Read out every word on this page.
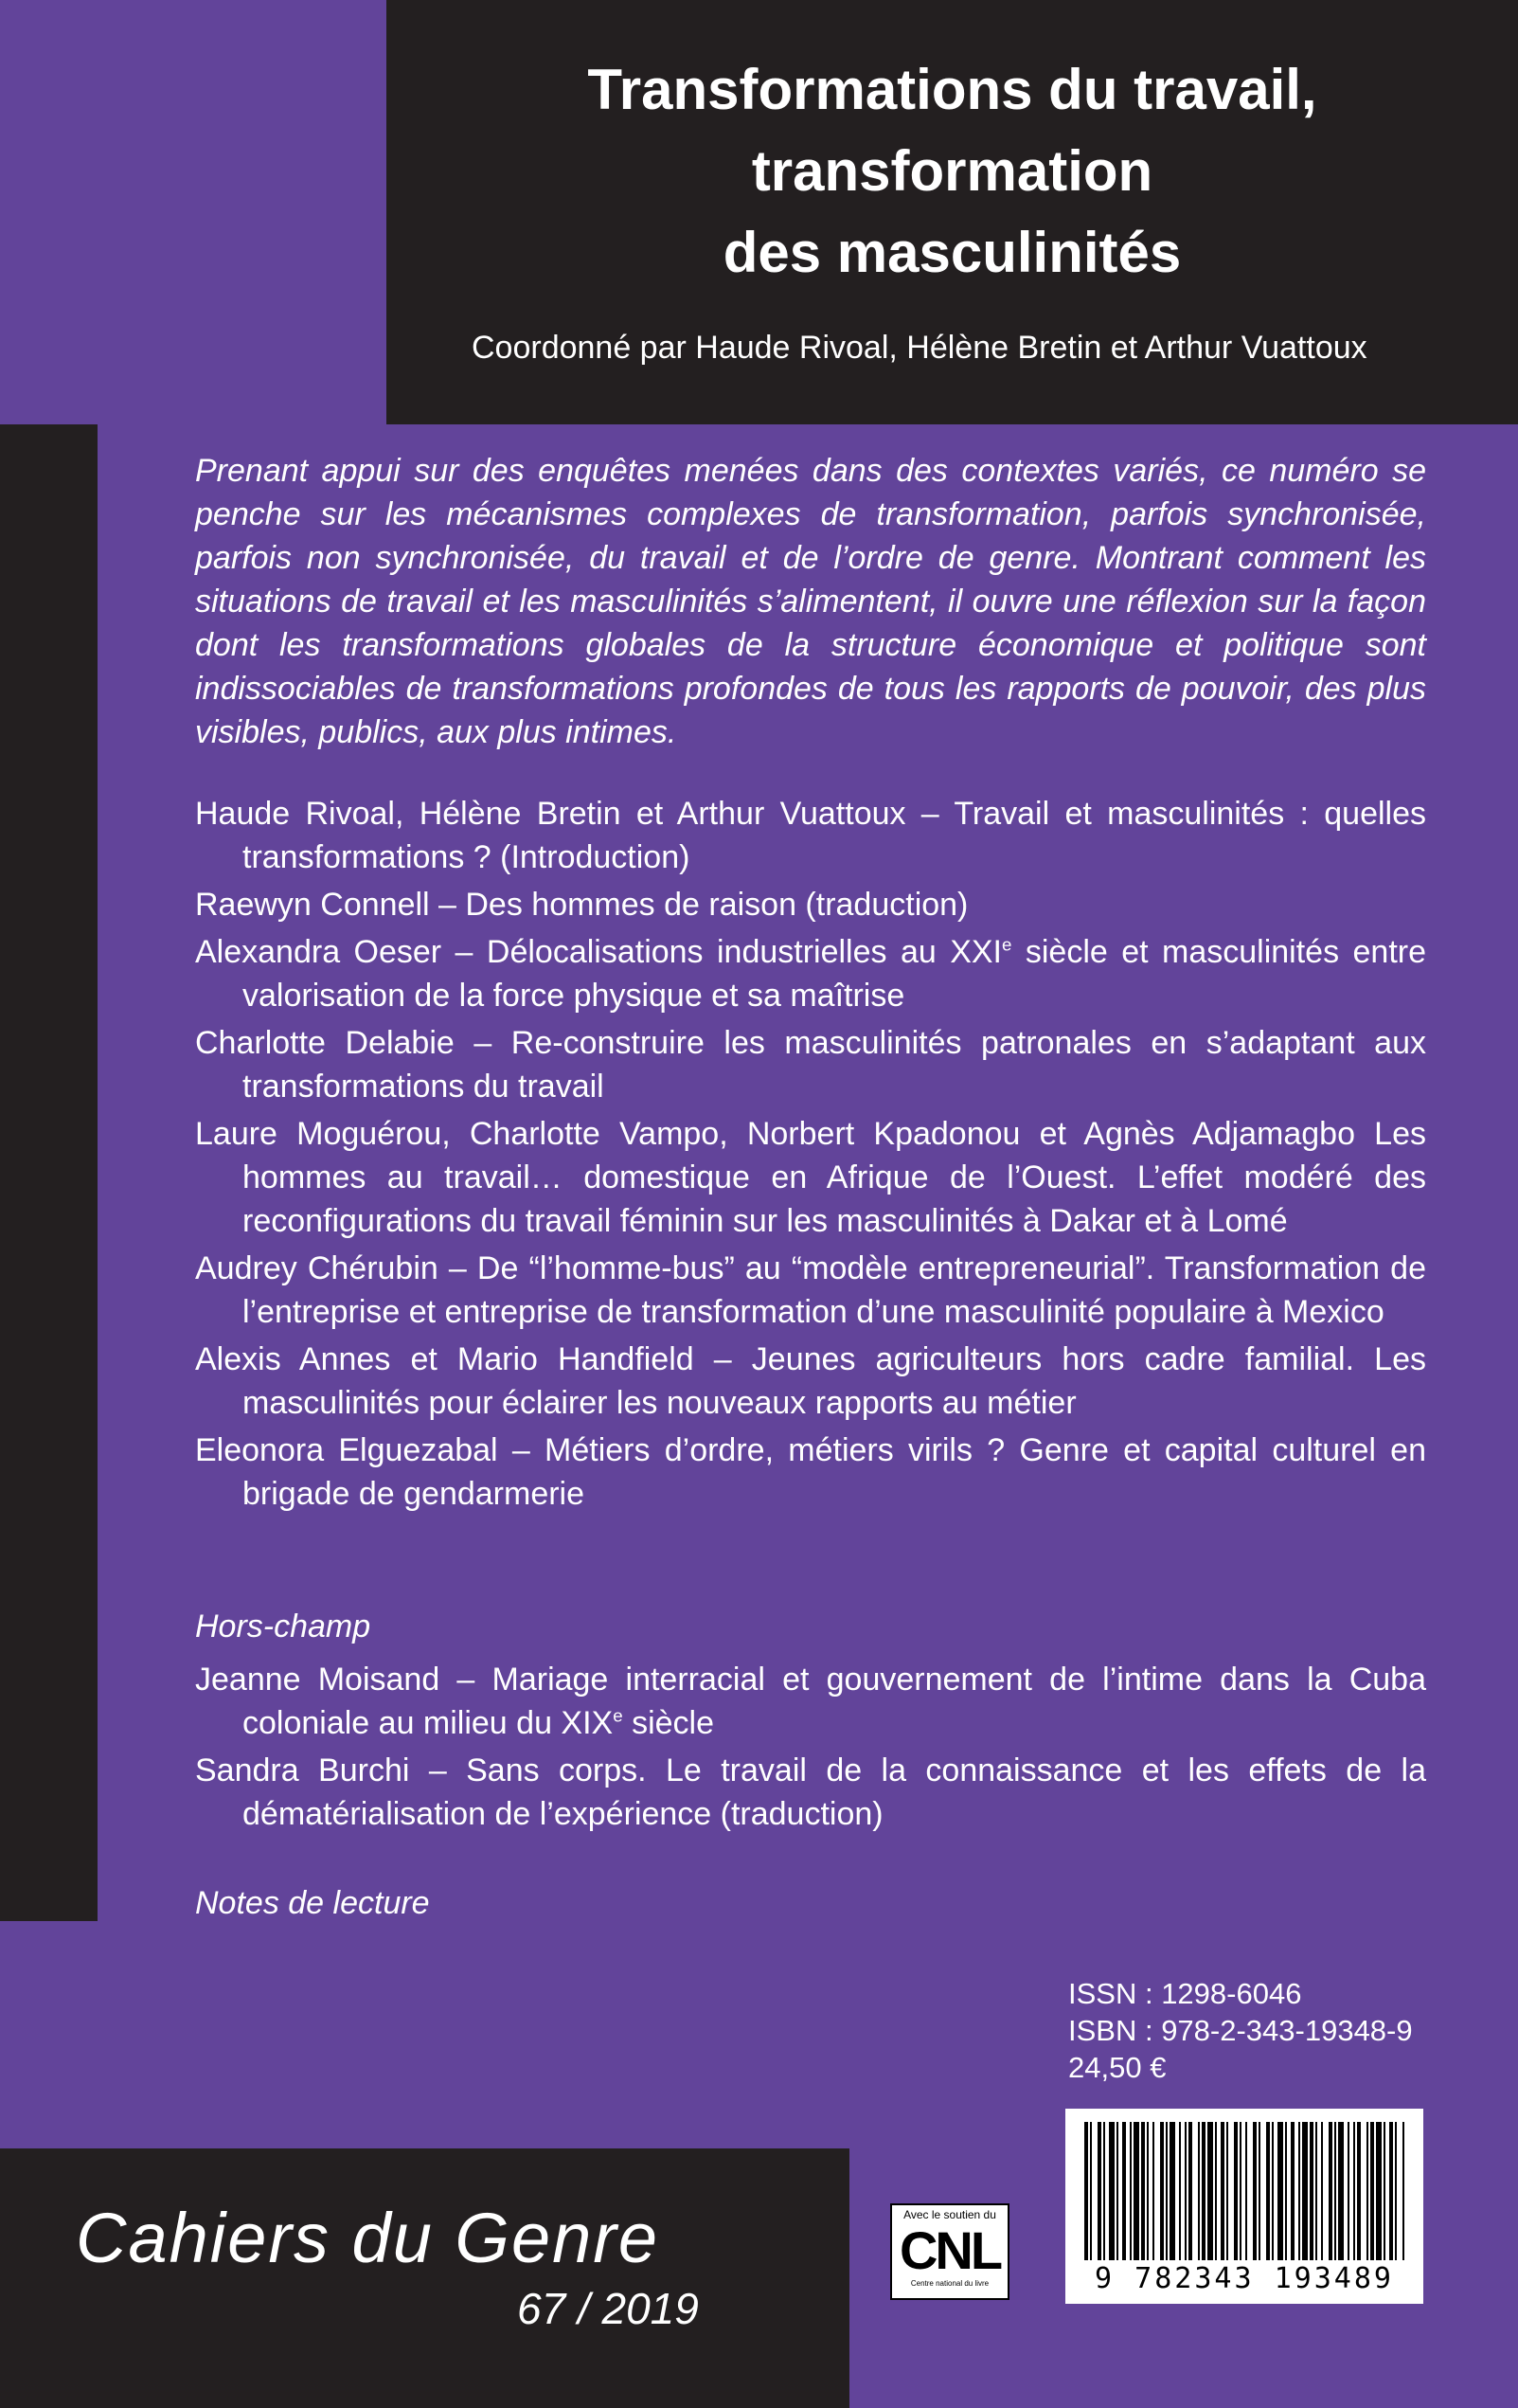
Transformations du travail,
transformation
des masculinités

Coordonné par Haude Rivoal, Hélène Bretin et Arthur Vuattoux

Prenant appui sur des enquêtes menées dans des contextes variés, ce numéro se penche sur les mécanismes complexes de transformation, parfois synchronisée, parfois non synchronisée, du travail et de l’ordre de genre. Montrant comment les situations de travail et les masculinités s’alimentent, il ouvre une réflexion sur la façon dont les transformations globales de la structure économique et politique sont indissociables de transformations profondes de tous les rapports de pouvoir, des plus visibles, publics, aux plus intimes.

Haude Rivoal, Hélène Bretin et Arthur Vuattoux – Travail et masculinités : quelles transformations ? (Introduction)
Raewyn Connell – Des hommes de raison (traduction)
Alexandra Oeser – Délocalisations industrielles au XXIe siècle et masculinités entre valorisation de la force physique et sa maîtrise
Charlotte Delabie – Re-construire les masculinités patronales en s’adaptant aux transformations du travail
Laure Moguérou, Charlotte Vampo, Norbert Kpadonou et Agnès Adjamagbo Les hommes au travail… domestique en Afrique de l’Ouest. L’effet modéré des reconfigurations du travail féminin sur les masculinités à Dakar et à Lomé
Audrey Chérubin – De “l’homme-bus” au “modèle entrepreneurial”. Transformation de l’entreprise et entreprise de transformation d’une masculinité populaire à Mexico
Alexis Annes et Mario Handfield – Jeunes agriculteurs hors cadre familial. Les masculinités pour éclairer les nouveaux rapports au métier
Eleonora Elguezabal – Métiers d’ordre, métiers virils ? Genre et capital culturel en brigade de gendarmerie

Hors-champ

Jeanne Moisand – Mariage interracial et gouvernement de l’intime dans la Cuba coloniale au milieu du XIXe siècle
Sandra Burchi – Sans corps. Le travail de la connaissance et les effets de la dématérialisation de l’expérience (traduction)

Notes de lecture

ISSN : 1298-6046
ISBN : 978-2-343-19348-9
24,50 €
9 782343 193489
Avec le soutien du
CNL
Centre national du livre

Cahiers du Genre

67 / 2019
